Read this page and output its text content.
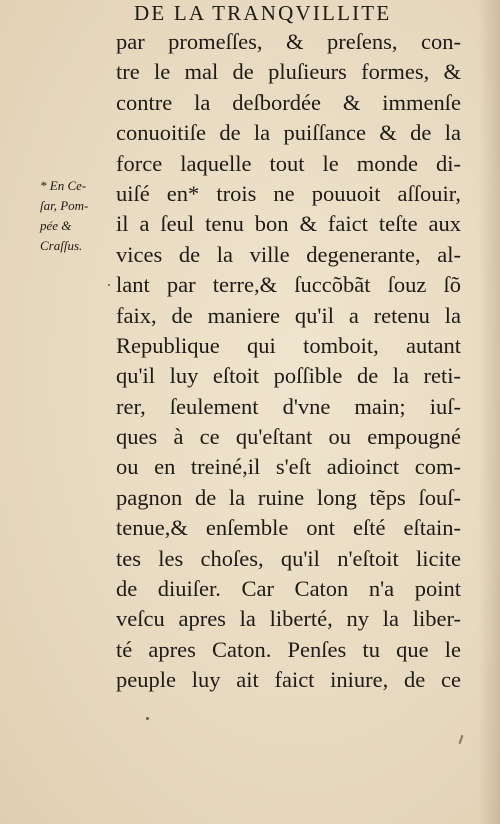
DE LA TRANQVILLITE
* En Ce-
ſar, Pom-
pée &
Craſſus.
par promeſſes, & preſens, con-
tre le mal de pluſieurs formes, &
contre la deſbordée & immenſe
conuoitiſe de la puiſſance & de la
force laquelle tout le monde di-
uiſé en* trois ne pouuoit aſſouir,
il a ſeul tenu bon & faict teſte aux
vices de la ville degenerante, al-
lant par terre,& ſuccõbãt ſouz ſõ
faix, de maniere qu'il a retenu la
Republique qui tomboit, autant
qu'il luy eſtoit poſſible de la reti-
rer, ſeulement d'vne main; iuſ-
ques à ce qu'eſtant ou empougné
ou en treiné,il s'eſt adioinct com-
pagnon de la ruine long tẽps ſouſ-
tenue,& enſemble ont eſté eſtain-
tes les choſes, qu'il n'eſtoit licite
de diuiſer. Car Caton n'a point
veſcu apres la liberté, ny la liber-
té apres Caton. Penſes tu que le
peuple luy ait faict iniure, de ce
